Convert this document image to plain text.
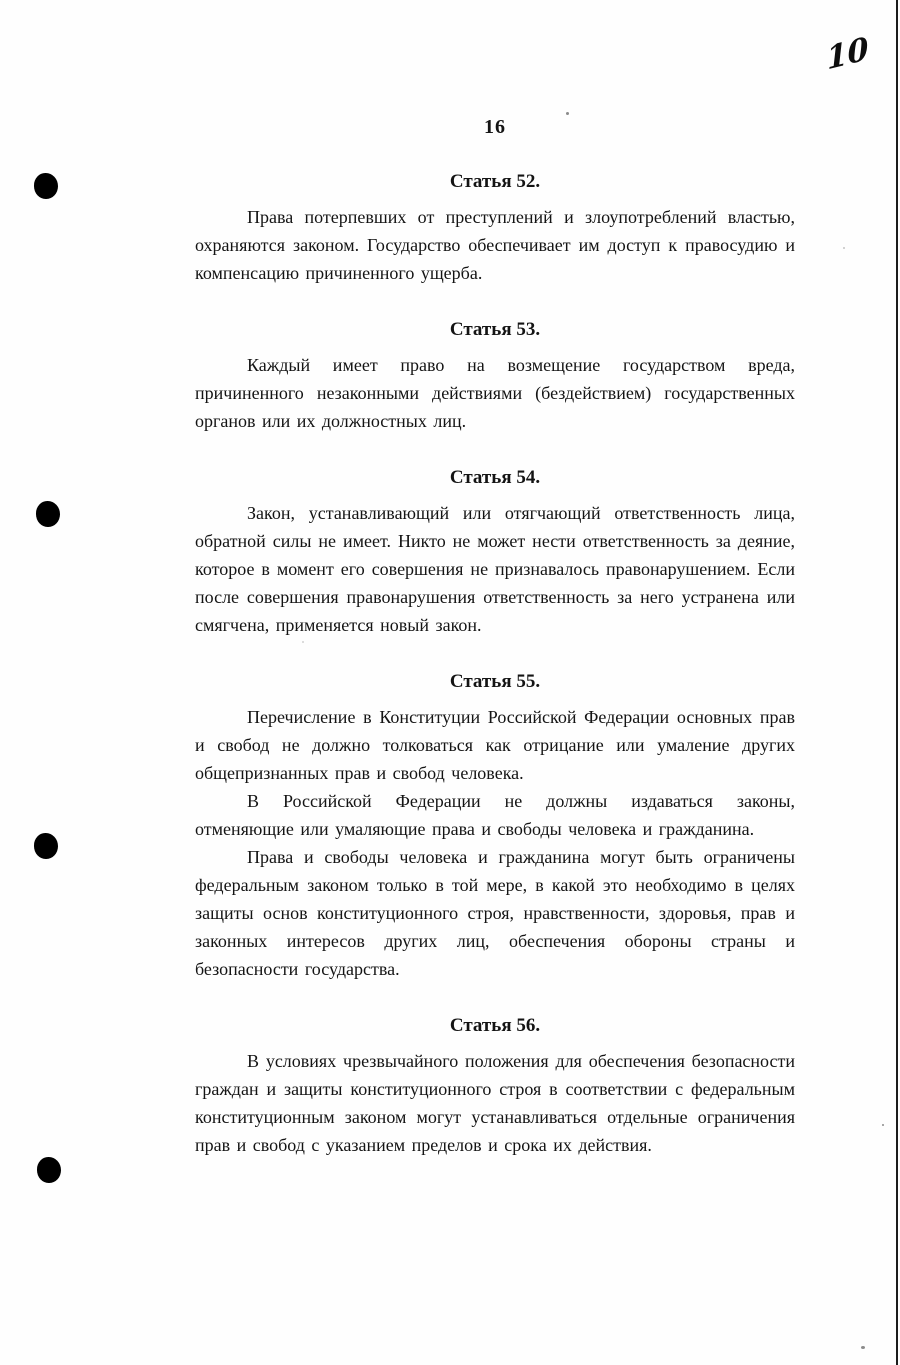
10
16
Статья 52.

Права потерпевших от преступлений и злоупотреблений властью, охраняются законом. Государство обеспечивает им доступ к правосудию и компенсацию причиненного ущерба.

Статья 53.

Каждый имеет право на возмещение государством вреда, причиненного незаконными действиями (бездействием) государственных органов или их должностных лиц.

Статья 54.

Закон, устанавливающий или отягчающий ответственность лица, обратной силы не имеет. Никто не может нести ответственность за деяние, которое в момент его совершения не признавалось правонарушением. Если после совершения правонарушения ответственность за него устранена или смягчена, применяется новый закон.

Статья 55.

Перечисление в Конституции Российской Федерации основных прав и свобод не должно толковаться как отрицание или умаление других общепризнанных прав и свобод человека.

В Российской Федерации не должны издаваться законы, отменяющие или умаляющие права и свободы человека и гражданина.

Права и свободы человека и гражданина могут быть ограничены федеральным законом только в той мере, в какой это необходимо в целях защиты основ конституционного строя, нравственности, здоровья, прав и законных интересов других лиц, обеспечения обороны страны и безопасности государства.

Статья 56.

В условиях чрезвычайного положения для обеспечения безопасности граждан и защиты конституционного строя в соответствии с федеральным конституционным законом могут устанавливаться отдельные ограничения прав и свобод с указанием пределов и срока их действия.
